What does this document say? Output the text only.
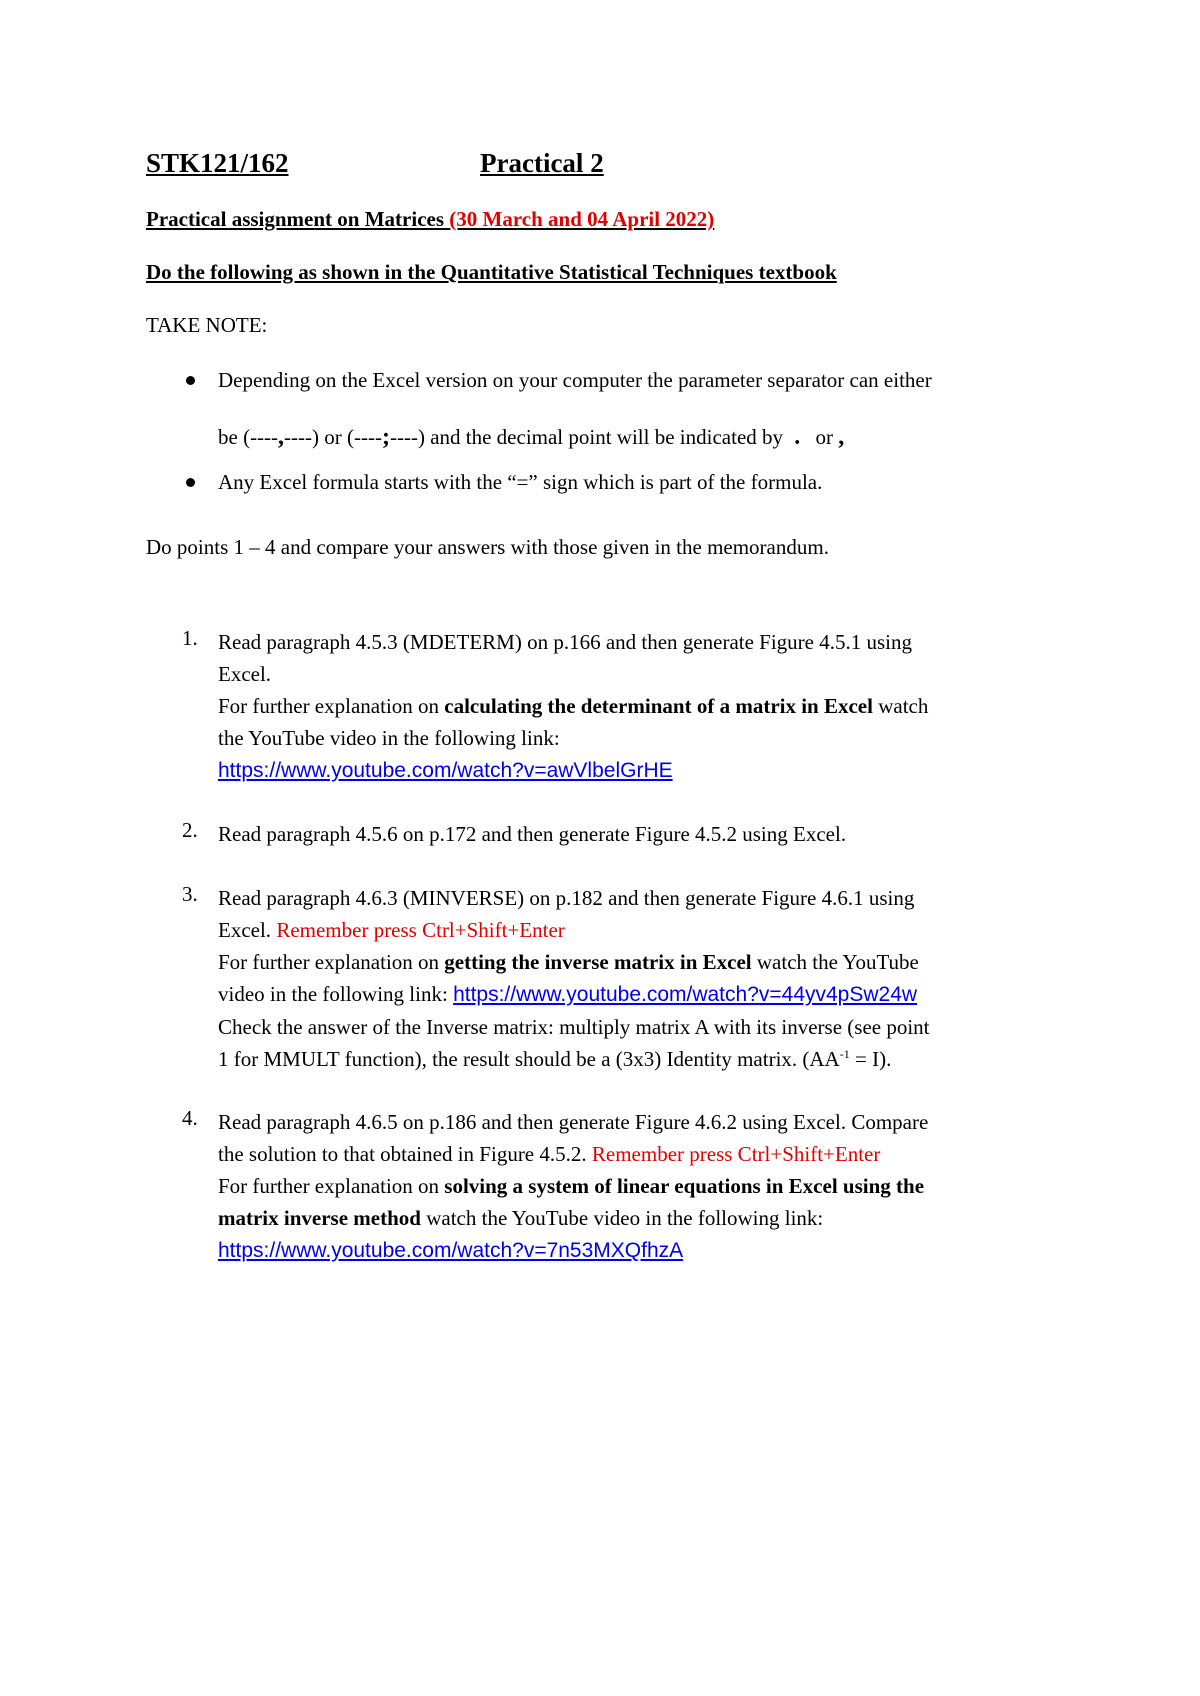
STK121/162	Practical 2
Practical assignment on Matrices (30 March and 04 April 2022)
Do the following as shown in the Quantitative Statistical Techniques textbook
TAKE NOTE:
Depending on the Excel version on your computer the parameter separator can either
be (----,----) or (----;----) and the decimal point will be indicated by . or ,
Any Excel formula starts with the “=” sign which is part of the formula.
Do points 1 – 4 and compare your answers with those given in the memorandum.
1. Read paragraph 4.5.3 (MDETERM) on p.166 and then generate Figure 4.5.1 using
Excel.
For further explanation on calculating the determinant of a matrix in Excel watch
the YouTube video in the following link:
https://www.youtube.com/watch?v=awVlbelGrHE
2. Read paragraph 4.5.6 on p.172 and then generate Figure 4.5.2 using Excel.
3. Read paragraph 4.6.3 (MINVERSE) on p.182 and then generate Figure 4.6.1 using
Excel. Remember press Ctrl+Shift+Enter
For further explanation on getting the inverse matrix in Excel watch the YouTube
video in the following link: https://www.youtube.com/watch?v=44yv4pSw24w
Check the answer of the Inverse matrix: multiply matrix A with its inverse (see point
1 for MMULT function), the result should be a (3x3) Identity matrix. $(AA^{-1} = I)$.
4. Read paragraph 4.6.5 on p.186 and then generate Figure 4.6.2 using Excel. Compare
the solution to that obtained in Figure 4.5.2. Remember press Ctrl+Shift+Enter
For further explanation on solving a system of linear equations in Excel using the
matrix inverse method watch the YouTube video in the following link:
https://www.youtube.com/watch?v=7n53MXQfhzA
